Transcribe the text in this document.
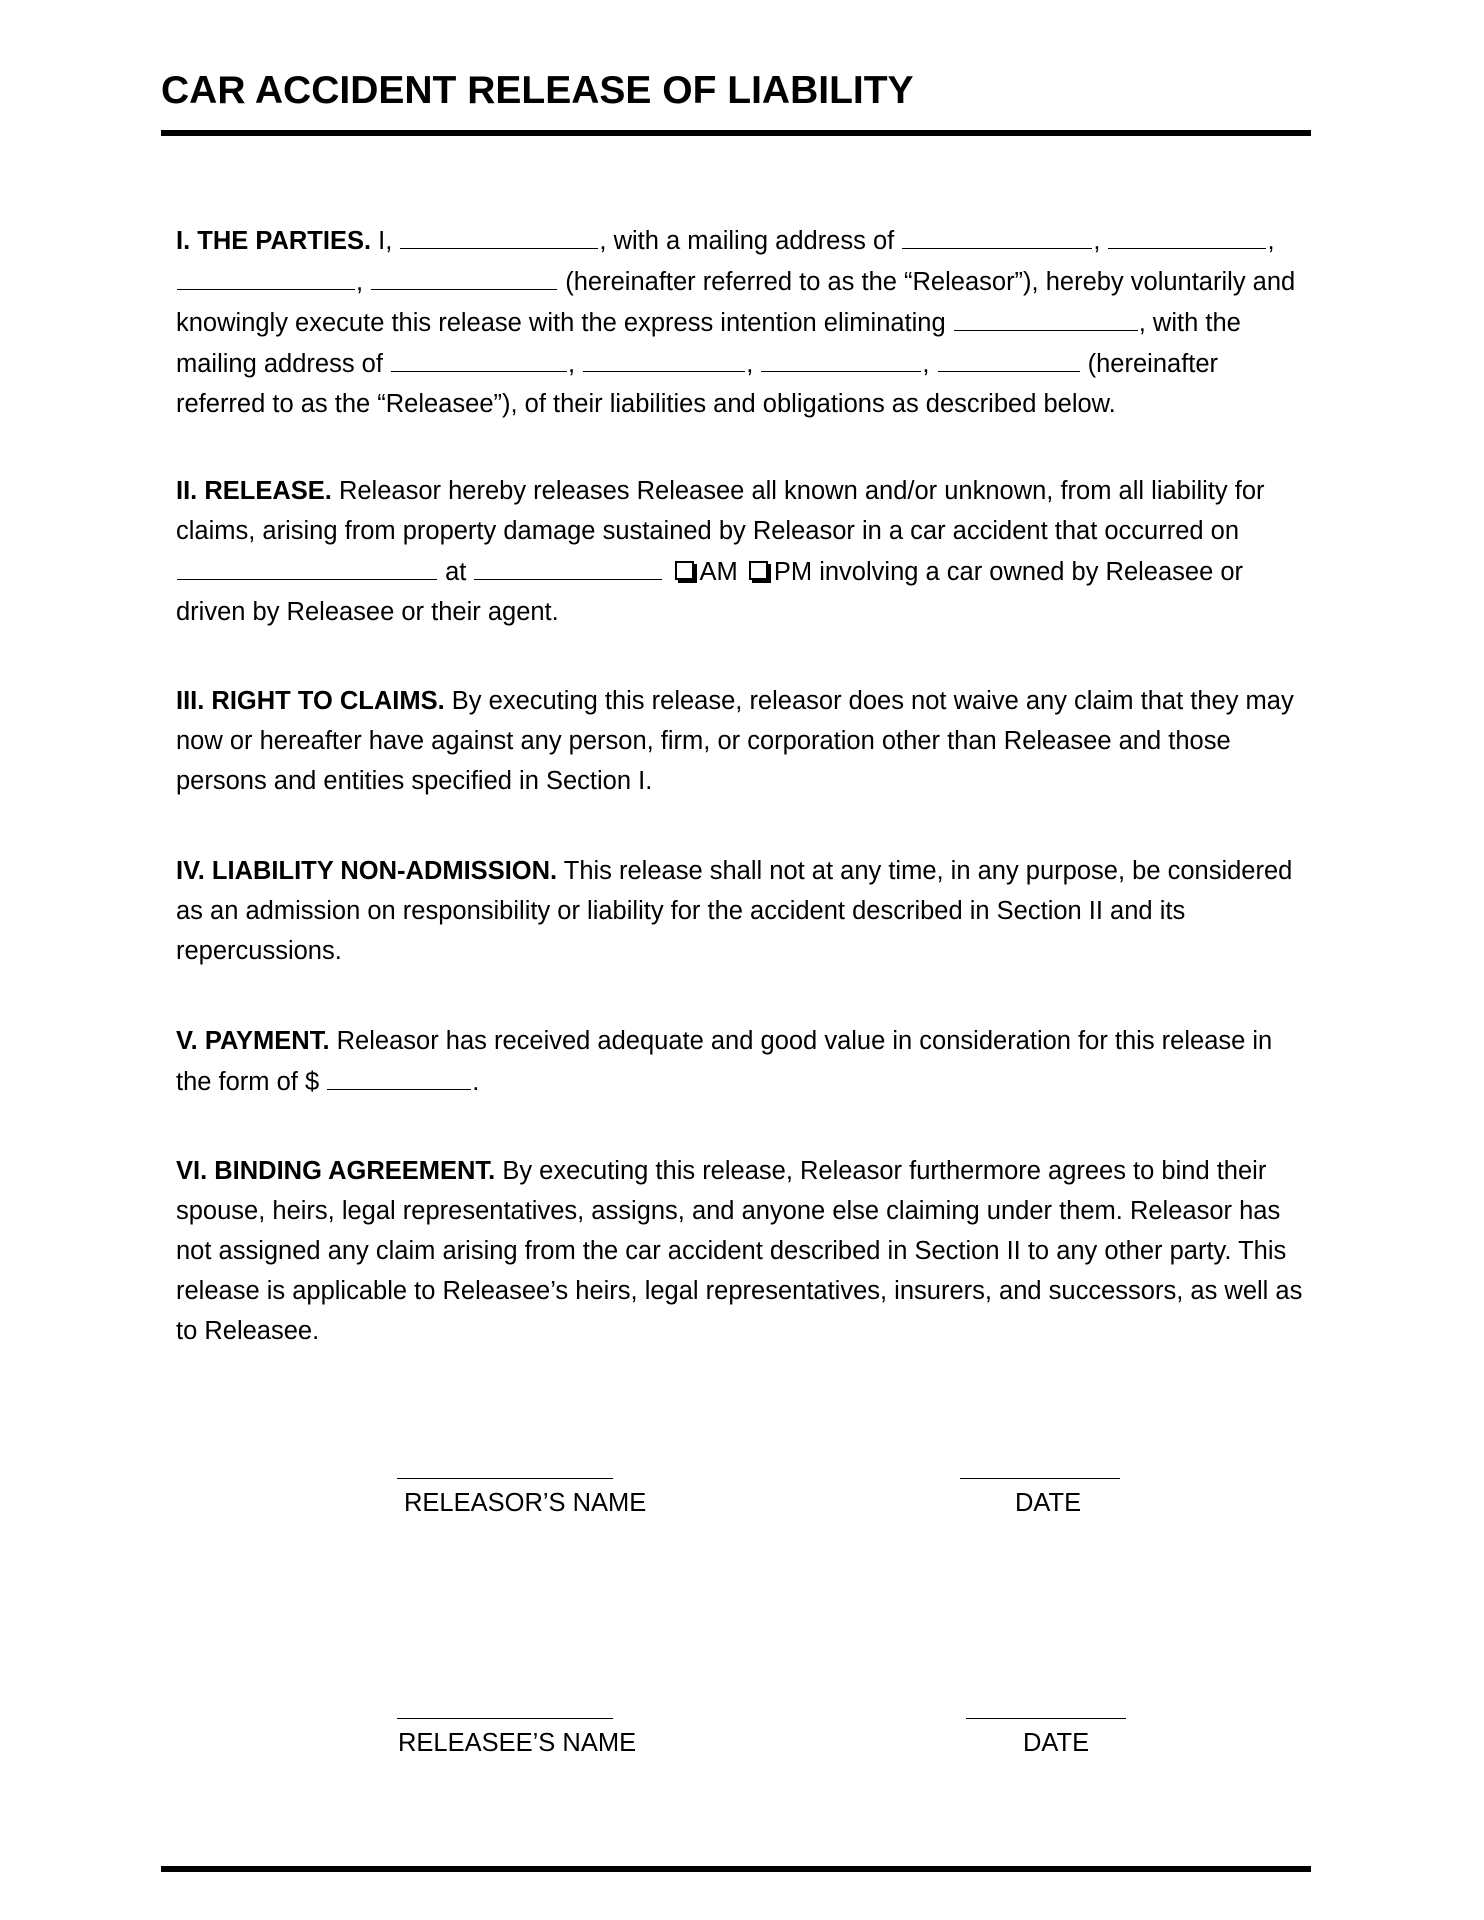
CAR ACCIDENT RELEASE OF LIABILITY

I. THE PARTIES. I,	, with a mailing address of	,	, ,	(hereinafter referred to as the “Releasor”), hereby voluntarily and knowingly execute this release with the express intention eliminating	, with the mailing address of	,	,	,	(hereinafter referred to as the “Releasee”), of their liabilities and obligations as described below.

II. RELEASE. Releasor hereby releases Releasee all known and/or unknown, from all liability for claims, arising from property damage sustained by Releasor in a car accident that occurred on  at	AM PM involving a car owned by Releasee or driven by Releasee or their agent.

III. RIGHT TO CLAIMS. By executing this release, releasor does not waive any claim that they may now or hereafter have against any person, firm, or corporation other than Releasee and those persons and entities specified in Section I.

IV. LIABILITY NON-ADMISSION. This release shall not at any time, in any purpose, be considered as an admission on responsibility or liability for the accident described in Section II and its repercussions.

V. PAYMENT. Releasor has received adequate and good value in consideration for this release in the form of $	.

VI. BINDING AGREEMENT. By executing this release, Releasor furthermore agrees to bind their spouse, heirs, legal representatives, assigns, and anyone else claiming under them. Releasor has not assigned any claim arising from the car accident described in Section II to any other party. This release is applicable to Releasee’s heirs, legal representatives, insurers, and successors, as well as to Releasee.

RELEASOR’S NAME	DATE
RELEASEE’S NAME	DATE
